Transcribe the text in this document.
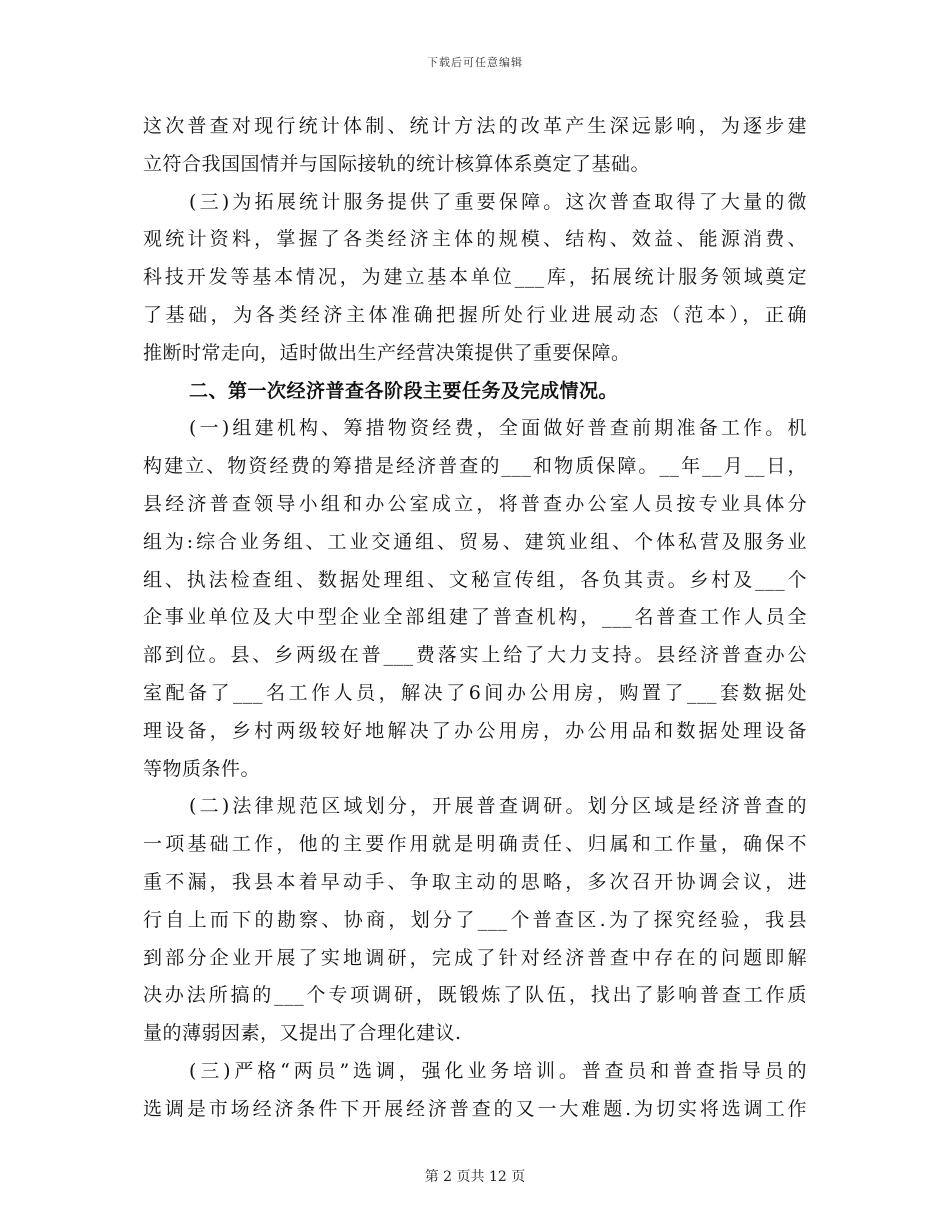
下载后可任意编辑
这次普查对现行统计体制、统计方法的改革产生深远影响，为逐步建
立符合我国国情并与国际接轨的统计核算体系奠定了基础。
(三)为拓展统计服务提供了重要保障。这次普查取得了大量的微
观统计资料，掌握了各类经济主体的规模、结构、效益、能源消费、
科技开发等基本情况，为建立基本单位___库，拓展统计服务领域奠定
了基础，为各类经济主体准确把握所处行业进展动态（范本），正确
推断时常走向，适时做出生产经营决策提供了重要保障。
二、第一次经济普查各阶段主要任务及完成情况。
(一)组建机构、筹措物资经费，全面做好普查前期准备工作。机
构建立、物资经费的筹措是经济普查的___和物质保障。__年__月__日，
县经济普查领导小组和办公室成立，将普查办公室人员按专业具体分
组为:综合业务组、工业交通组、贸易、建筑业组、个体私营及服务业
组、执法检查组、数据处理组、文秘宣传组，各负其责。乡村及___个
企事业单位及大中型企业全部组建了普查机构，___名普查工作人员全
部到位。县、乡两级在普___费落实上给了大力支持。县经济普查办公
室配备了___名工作人员，解决了6间办公用房，购置了___套数据处
理设备，乡村两级较好地解决了办公用房，办公用品和数据处理设备
等物质条件。
(二)法律规范区域划分，开展普查调研。划分区域是经济普查的
一项基础工作，他的主要作用就是明确责任、归属和工作量，确保不
重不漏，我县本着早动手、争取主动的思略，多次召开协调会议，进
行自上而下的勘察、协商，划分了___个普查区.为了探究经验，我县
到部分企业开展了实地调研，完成了针对经济普查中存在的问题即解
决办法所搞的___个专项调研，既锻炼了队伍，找出了影响普查工作质
量的薄弱因素，又提出了合理化建议.
(三)严格“两员”选调，强化业务培训。普查员和普查指导员的
选调是市场经济条件下开展经济普查的又一大难题.为切实将选调工作
第 2 页共 12 页
